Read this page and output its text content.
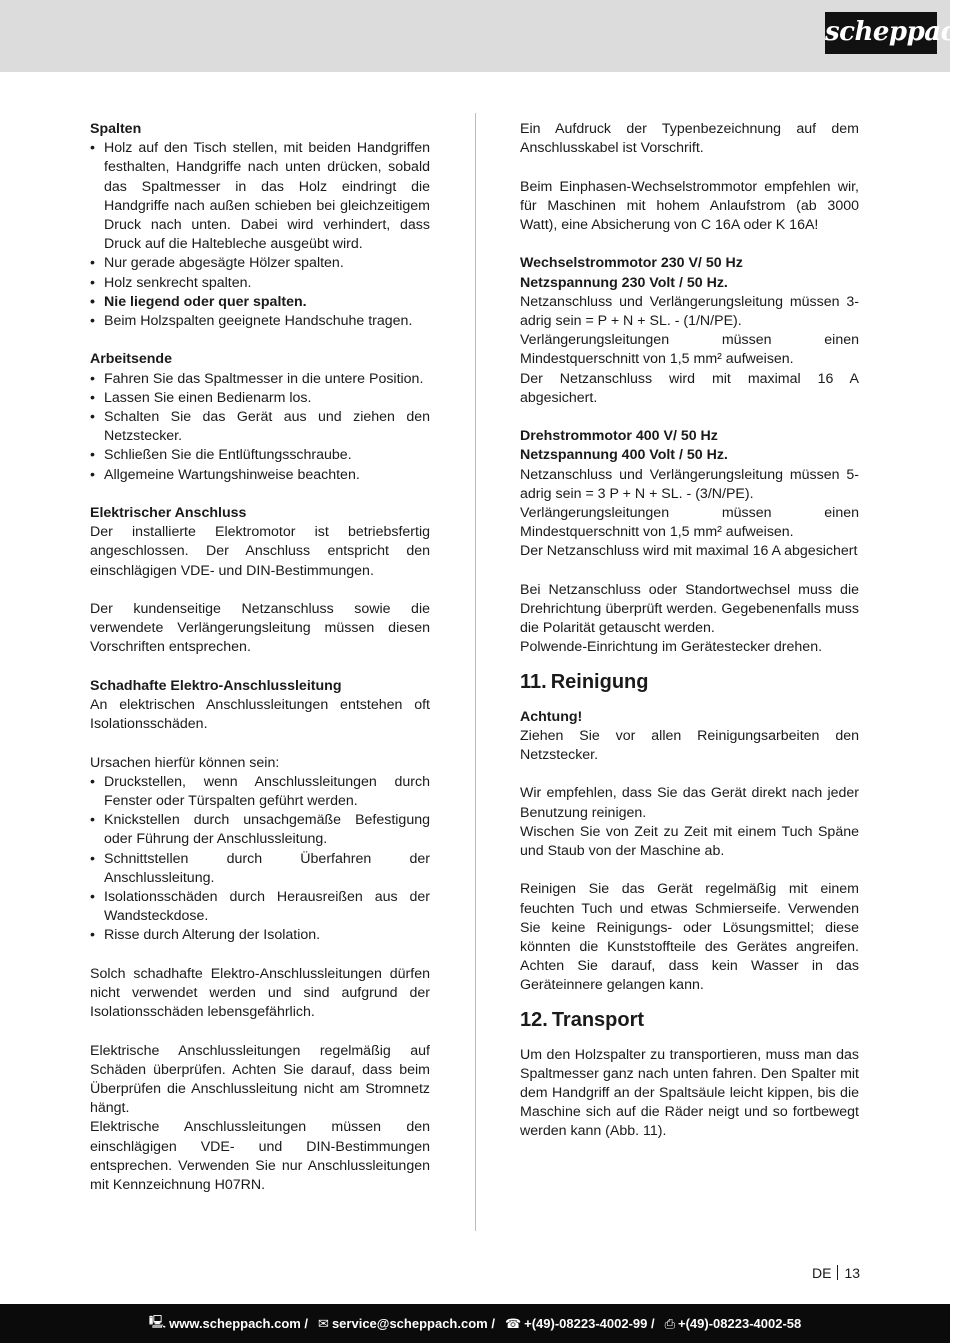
scheppach

Spalten

• Holz auf den Tisch stellen, mit beiden Handgriffen festhalten, Handgriffe nach unten drücken, sobald das Spaltmesser in das Holz eindringt die Handgriffe nach außen schieben bei gleichzeitigem Druck nach unten. Dabei wird verhindert, dass Druck auf die Haltebleche ausgeübt wird.
• Nur gerade abgesägte Hölzer spalten.
• Holz senkrecht spalten.
• Nie liegend oder quer spalten.
• Beim Holzspalten geeignete Handschuhe tragen.

Arbeitsende

• Fahren Sie das Spaltmesser in die untere Position.
• Lassen Sie einen Bedienarm los.
• Schalten Sie das Gerät aus und ziehen den Netzstecker.
• Schließen Sie die Entlüftungsschraube.
• Allgemeine Wartungshinweise beachten.

Elektrischer Anschluss

Der installierte Elektromotor ist betriebsfertig angeschlossen. Der Anschluss entspricht den einschlägigen VDE- und DIN-Bestimmungen.

Der kundenseitige Netzanschluss sowie die verwendete Verlängerungsleitung müssen diesen Vorschriften entsprechen.

Schadhafte Elektro-Anschlussleitung

An elektrischen Anschlussleitungen entstehen oft Isolationsschäden.

Ursachen hierfür können sein:

• Druckstellen, wenn Anschlussleitungen durch Fenster oder Türspalten geführt werden.
• Knickstellen durch unsachgemäße Befestigung oder Führung der Anschlussleitung.
• Schnittstellen durch Überfahren der Anschlussleitung.
• Isolationsschäden durch Herausreißen aus der Wandsteckdose.
• Risse durch Alterung der Isolation.

Solch schadhafte Elektro-Anschlussleitungen dürfen nicht verwendet werden und sind aufgrund der Isolationsschäden lebensgefährlich.

Elektrische Anschlussleitungen regelmäßig auf Schäden überprüfen. Achten Sie darauf, dass beim Überprüfen die Anschlussleitung nicht am Stromnetz hängt.

Elektrische Anschlussleitungen müssen den einschlägigen VDE- und DIN-Bestimmungen entsprechen. Verwenden Sie nur Anschlussleitungen mit Kennzeichnung H07RN.

Ein Aufdruck der Typenbezeichnung auf dem Anschlusskabel ist Vorschrift.

Beim Einphasen-Wechselstrommotor empfehlen wir, für Maschinen mit hohem Anlaufstrom (ab 3000 Watt), eine Absicherung von C 16A oder K 16A!

Wechselstrommotor 230 V/ 50 Hz

Netzspannung 230 Volt / 50 Hz.

Netzanschluss und Verlängerungsleitung müssen 3-adrig sein = P + N + SL. - (1/N/PE).

Verlängerungsleitungen müssen einen Mindestquerschnitt von 1,5 mm² aufweisen.

Der Netzanschluss wird mit maximal 16 A abgesichert.

Drehstrommotor 400 V/ 50 Hz

Netzspannung 400 Volt / 50 Hz.

Netzanschluss und Verlängerungsleitung müssen 5-adrig sein = 3 P + N + SL. - (3/N/PE).

Verlängerungsleitungen müssen einen Mindestquerschnitt von 1,5 mm² aufweisen.

Der Netzanschluss wird mit maximal 16 A abgesichert

Bei Netzanschluss oder Standortwechsel muss die Drehrichtung überprüft werden. Gegebenenfalls muss die Polarität getauscht werden.

Polwende-Einrichtung im Gerätestecker drehen.

11. Reinigung

Achtung!

Ziehen Sie vor allen Reinigungsarbeiten den Netzstecker.

Wir empfehlen, dass Sie das Gerät direkt nach jeder Benutzung reinigen.

Wischen Sie von Zeit zu Zeit mit einem Tuch Späne und Staub von der Maschine ab.

Reinigen Sie das Gerät regelmäßig mit einem feuchten Tuch und etwas Schmierseife. Verwenden Sie keine Reinigungs- oder Lösungsmittel; diese könnten die Kunststoffteile des Gerätes angreifen. Achten Sie darauf, dass kein Wasser in das Geräteinnere gelangen kann.

12. Transport

Um den Holzspalter zu transportieren, muss man das Spaltmesser ganz nach unten fahren. Den Spalter mit dem Handgriff an der Spaltsäule leicht kippen, bis die Maschine sich auf die Räder neigt und so fortbewegt werden kann (Abb. 11).

DE 13
🖳 www.scheppach.com / ✉ service@scheppach.com / ☎ +(49)-08223-4002-99 / ⎙ +(49)-08223-4002-58
